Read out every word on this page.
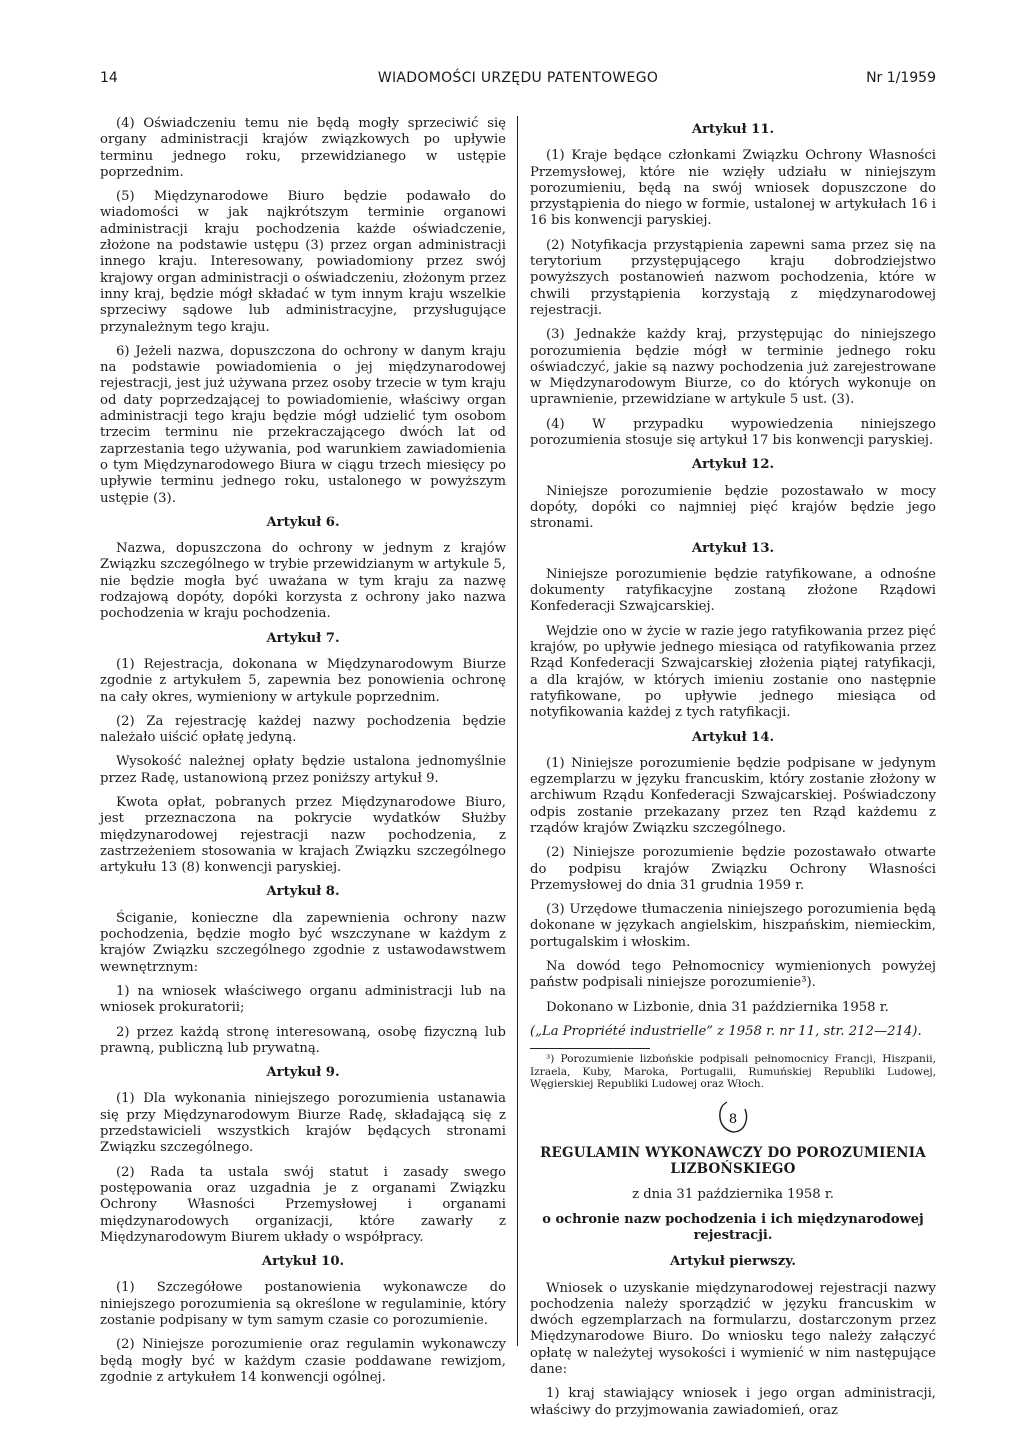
14	WIADOMOŚCI URZĘDU PATENTOWEGO	Nr 1/1959

(4) Oświadczeniu temu nie będą mogły sprzeciwić się organy administracji krajów związkowych po upływie terminu jednego roku, przewidzianego w ustępie poprzednim.

(5) Międzynarodowe Biuro będzie podawało do wiadomości w jak najkrótszym terminie organowi administracji kraju pochodzenia każde oświadczenie, złożone na podstawie ustępu (3) przez organ administracji innego kraju. Interesowany, powiadomiony przez swój krajowy organ administracji o oświadczeniu, złożonym przez inny kraj, będzie mógł składać w tym innym kraju wszelkie sprzeciwy sądowe lub administracyjne, przysługujące przynależnym tego kraju.

6) Jeżeli nazwa, dopuszczona do ochrony w danym kraju na podstawie powiadomienia o jej międzynarodowej rejestracji, jest już używana przez osoby trzecie w tym kraju od daty poprzedzającej to powiadomienie, właściwy organ administracji tego kraju będzie mógł udzielić tym osobom trzecim terminu nie przekraczającego dwóch lat od zaprzestania tego używania, pod warunkiem zawiadomienia o tym Międzynarodowego Biura w ciągu trzech miesięcy po upływie terminu jednego roku, ustalonego w powyższym ustępie (3).

Artykuł 6.

Nazwa, dopuszczona do ochrony w jednym z krajów Związku szczególnego w trybie przewidzianym w artykule 5, nie będzie mogła być uważana w tym kraju za nazwę rodzajową dopóty, dopóki korzysta z ochrony jako nazwa pochodzenia w kraju pochodzenia.

Artykuł 7.

(1) Rejestracja, dokonana w Międzynarodowym Biurze zgodnie z artykułem 5, zapewnia bez ponowienia ochronę na cały okres, wymieniony w artykule poprzednim.

(2) Za rejestrację każdej nazwy pochodzenia będzie należało uiścić opłatę jedyną.

Wysokość należnej opłaty będzie ustalona jednomyślnie przez Radę, ustanowioną przez poniższy artykuł 9.

Kwota opłat, pobranych przez Międzynarodowe Biuro, jest przeznaczona na pokrycie wydatków Służby międzynarodowej rejestracji nazw pochodzenia, z zastrzeżeniem stosowania w krajach Związku szczególnego artykułu 13 (8) konwencji paryskiej.

Artykuł 8.

Ściganie, konieczne dla zapewnienia ochrony nazw pochodzenia, będzie mogło być wszczynane w każdym z krajów Związku szczególnego zgodnie z ustawodawstwem wewnętrznym:

1) na wniosek właściwego organu administracji lub na wniosek prokuratorii;

2) przez każdą stronę interesowaną, osobę fizyczną lub prawną, publiczną lub prywatną.

Artykuł 9.

(1) Dla wykonania niniejszego porozumienia ustanawia się przy Międzynarodowym Biurze Radę, składającą się z przedstawicieli wszystkich krajów będących stronami Związku szczególnego.

(2) Rada ta ustala swój statut i zasady swego postępowania oraz uzgadnia je z organami Związku Ochrony Własności Przemysłowej i organami międzynarodowych organizacji, które zawarły z Międzynarodowym Biurem układy o współpracy.

Artykuł 10.

(1) Szczegółowe postanowienia wykonawcze do niniejszego porozumienia są określone w regulaminie, który zostanie podpisany w tym samym czasie co porozumienie.

(2) Niniejsze porozumienie oraz regulamin wykonawczy będą mogły być w każdym czasie poddawane rewizjom, zgodnie z artykułem 14 konwencji ogólnej.

Artykuł 11.

(1) Kraje będące członkami Związku Ochrony Własności Przemysłowej, które nie wzięły udziału w niniejszym porozumieniu, będą na swój wniosek dopuszczone do przystąpienia do niego w formie, ustalonej w artykułach 16 i 16 bis konwencji paryskiej.

(2) Notyfikacja przystąpienia zapewni sama przez się na terytorium przystępującego kraju dobrodziejstwo powyższych postanowień nazwom pochodzenia, które w chwili przystąpienia korzystają z międzynarodowej rejestracji.

(3) Jednakże każdy kraj, przystępując do niniejszego porozumienia będzie mógł w terminie jednego roku oświadczyć, jakie są nazwy pochodzenia już zarejestrowane w Międzynarodowym Biurze, co do których wykonuje on uprawnienie, przewidziane w artykule 5 ust. (3).

(4) W przypadku wypowiedzenia niniejszego porozumienia stosuje się artykuł 17 bis konwencji paryskiej.

Artykuł 12.

Niniejsze porozumienie będzie pozostawało w mocy dopóty, dopóki co najmniej pięć krajów będzie jego stronami.

Artykuł 13.

Niniejsze porozumienie będzie ratyfikowane, a odnośne dokumenty ratyfikacyjne zostaną złożone Rządowi Konfederacji Szwajcarskiej.

Wejdzie ono w życie w razie jego ratyfikowania przez pięć krajów, po upływie jednego miesiąca od ratyfikowania przez Rząd Konfederacji Szwajcarskiej złożenia piątej ratyfikacji, a dla krajów, w których imieniu zostanie ono następnie ratyfikowane, po upływie jednego miesiąca od notyfikowania każdej z tych ratyfikacji.

Artykuł 14.

(1) Niniejsze porozumienie będzie podpisane w jedynym egzemplarzu w języku francuskim, który zostanie złożony w archiwum Rządu Konfederacji Szwajcarskiej. Poświadczony odpis zostanie przekazany przez ten Rząd każdemu z rządów krajów Związku szczególnego.

(2) Niniejsze porozumienie będzie pozostawało otwarte do podpisu krajów Związku Ochrony Własności Przemysłowej do dnia 31 grudnia 1959 r.

(3) Urzędowe tłumaczenia niniejszego porozumienia będą dokonane w językach angielskim, hiszpańskim, niemieckim, portugalskim i włoskim.

Na dowód tego Pełnomocnicy wymienionych powyżej państw podpisali niniejsze porozumienie³).

Dokonano w Lizbonie, dnia 31 października 1958 r.

(„La Propriété industrielle” z 1958 r. nr 11, str. 212—214).

³) Porozumienie lizbońskie podpisali pełnomocnicy Francji, Hiszpanii, Izraela, Kuby, Maroka, Portugalii, Rumuńskiej Republiki Ludowej, Węgierskiej Republiki Ludowej oraz Włoch.

8
REGULAMIN WYKONAWCZY DO POROZUMIENIA LIZBOŃSKIEGO

z dnia 31 października 1958 r.

o ochronie nazw pochodzenia i ich międzynarodowej rejestracji.
Artykuł pierwszy.

Wniosek o uzyskanie międzynarodowej rejestracji nazwy pochodzenia należy sporządzić w języku francuskim w dwóch egzemplarzach na formularzu, dostarczonym przez Międzynarodowe Biuro. Do wniosku tego należy załączyć opłatę w należytej wysokości i wymienić w nim następujące dane:

1) kraj stawiający wniosek i jego organ administracji, właściwy do przyjmowania zawiadomień, oraz
